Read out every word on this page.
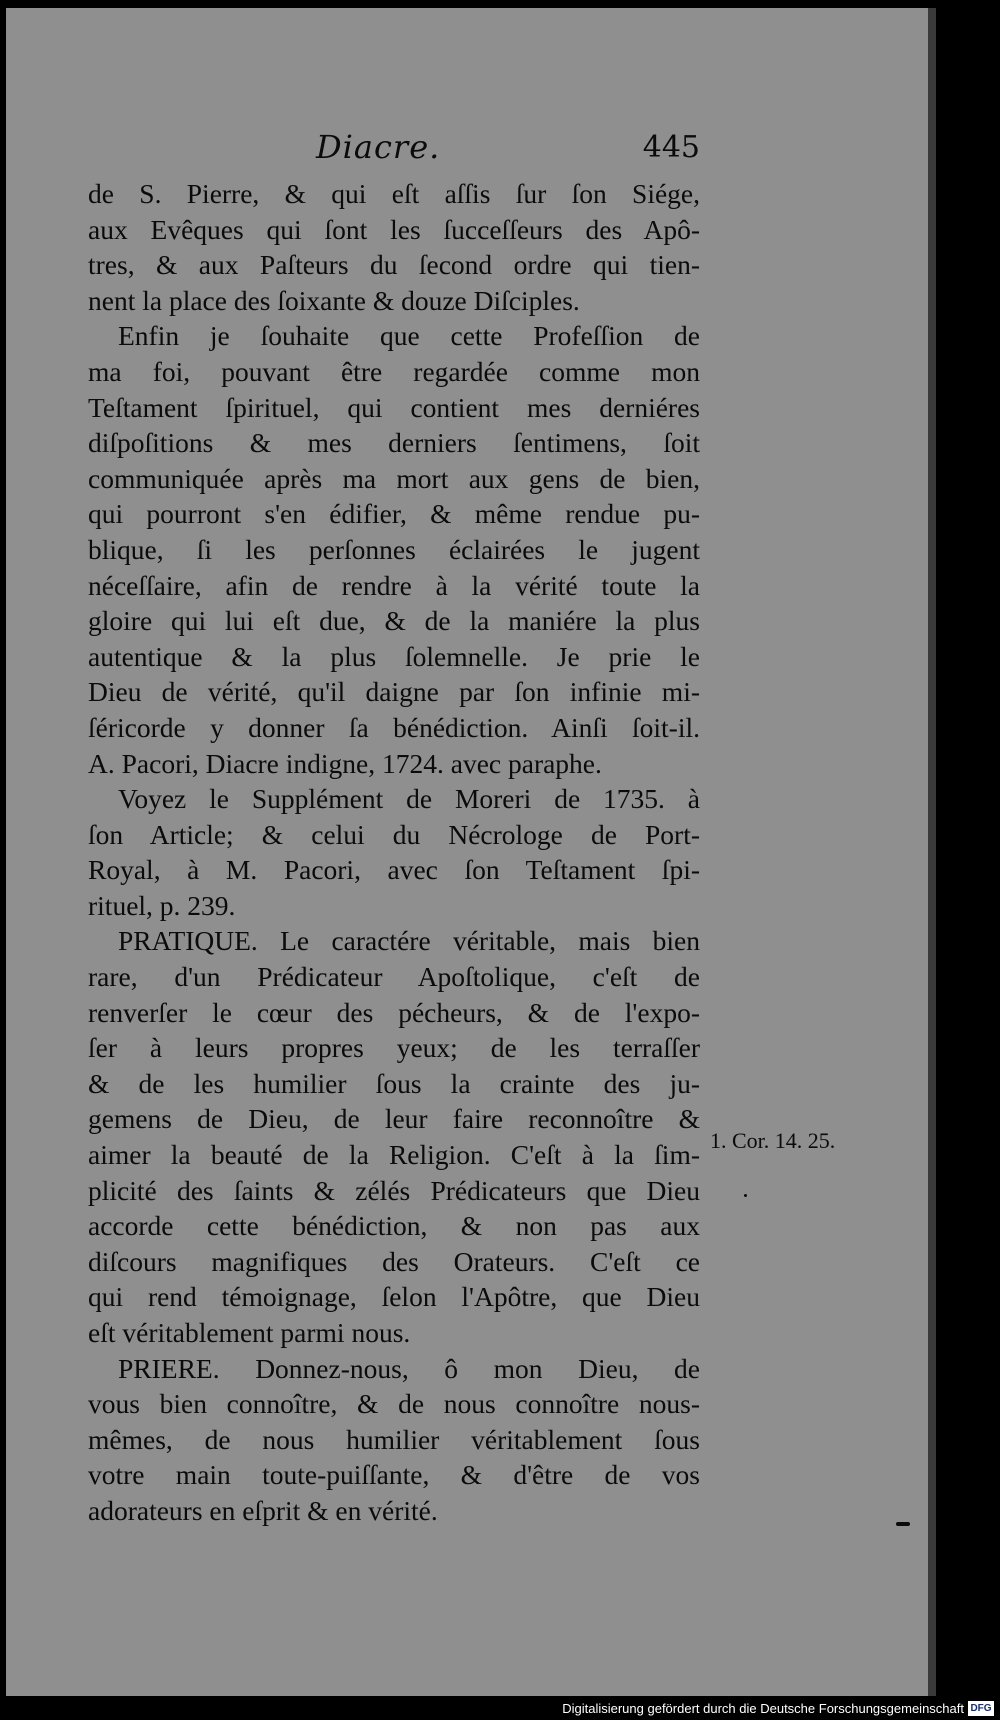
Diacre.	445
de S. Pierre, & qui eſt aſſis ſur ſon Siége,
aux Evêques qui ſont les ſucceſſeurs des Apô-
tres, & aux Paſteurs du ſecond ordre qui tien-
nent la place des ſoixante & douze Diſciples.
Enfin je ſouhaite que cette Profeſſion de
ma foi, pouvant être regardée comme mon
Teſtament ſpirituel, qui contient mes derniéres
diſpoſitions & mes derniers ſentimens, ſoit
communiquée après ma mort aux gens de bien,
qui pourront s'en édifier, & même rendue pu-
blique, ſi les perſonnes éclairées le jugent
néceſſaire, afin de rendre à la vérité toute la
gloire qui lui eſt due, & de la maniére la plus
autentique & la plus ſolemnelle. Je prie le
Dieu de vérité, qu'il daigne par ſon infinie mi-
ſéricorde y donner ſa bénédiction. Ainſi ſoit-il.
A. Pacori, Diacre indigne, 1724. avec paraphe.
Voyez le Supplément de Moreri de 1735. à
ſon Article; & celui du Nécrologe de Port-
Royal, à M. Pacori, avec ſon Teſtament ſpi-
rituel, p. 239.
PRATIQUE. Le caractére véritable, mais bien
rare, d'un Prédicateur Apoſtolique, c'eſt de
renverſer le cœur des pécheurs, & de l'expo-
ſer à leurs propres yeux; de les terraſſer
& de les humilier ſous la crainte des ju-
gemens de Dieu, de leur faire reconnoître &
aimer la beauté de la Religion. C'eſt à la ſim-
plicité des ſaints & zélés Prédicateurs que Dieu
accorde cette bénédiction, & non pas aux
diſcours magnifiques des Orateurs. C'eſt ce
qui rend témoignage, ſelon l'Apôtre, que Dieu
eſt véritablement parmi nous.
PRIERE. Donnez-nous, ô mon Dieu, de
vous bien connoître, & de nous connoître nous-
mêmes, de nous humilier véritablement ſous
votre main toute-puiſſante, & d'être de vos
adorateurs en eſprit & en vérité.
1. Cor. 14. 25.
Digitalisierung gefördert durch die Deutsche Forschungsgemeinschaft DFG
